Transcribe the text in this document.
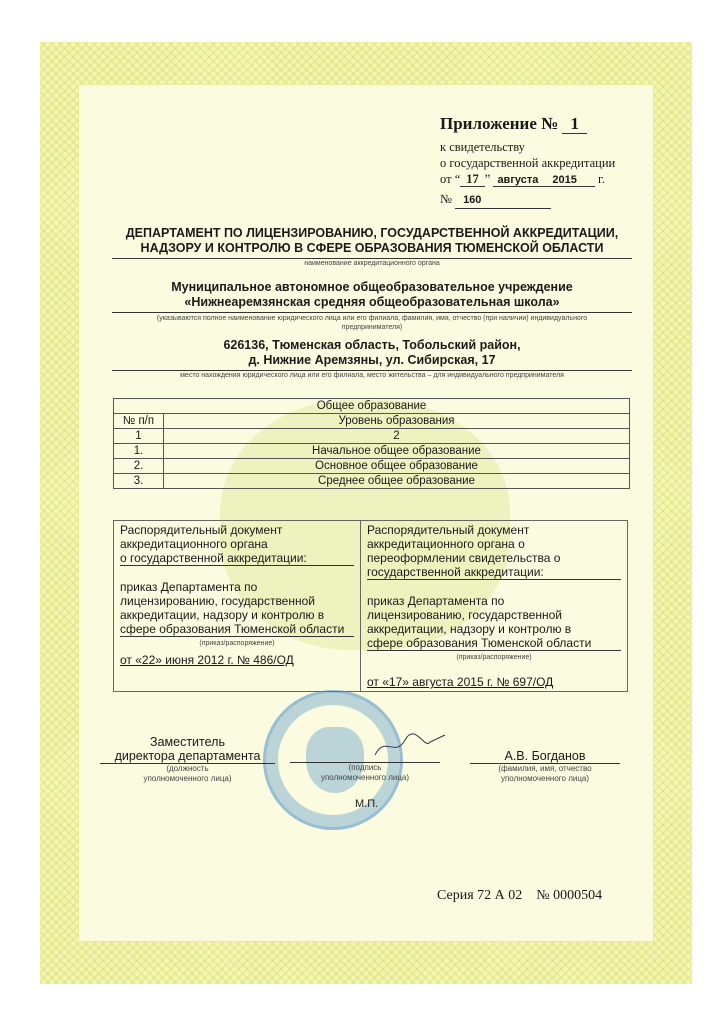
Приложение № 1
к свидетельству
о государственной аккредитации
от “ 17 ” августа 2015 г.
№ 160
ДЕПАРТАМЕНТ ПО ЛИЦЕНЗИРОВАНИЮ, ГОСУДАРСТВЕННОЙ АККРЕДИТАЦИИ,
НАДЗОРУ И КОНТРОЛЮ В СФЕРЕ ОБРАЗОВАНИЯ ТЮМЕНСКОЙ ОБЛАСТИ
наименование аккредитационного органа
Муниципальное автономное общеобразовательное учреждение
«Нижнеаремзянская средняя общеобразовательная школа»
(указываются полное наименование юридического лица или его филиала, фамилия, имя, отчество (при наличии) индивидуального
предпринимателя)
626136, Тюменская область, Тобольский район,
д. Нижние Аремзяны, ул. Сибирская, 17
место нахождения юридического лица или его филиала, место жительства – для индивидуального предпринимателя
Общее образование	
№ п/п	Уровень образования
1	2
1.	Начальное общее образование
2.	Основное общее образование
3.	Среднее общее образование
Распорядительный документ
аккредитационного органа
о государственной аккредитации:
приказ Департамента по
лицензированию, государственной
аккредитации, надзору и контролю в
сфере образования Тюменской области
(приказ/распоряжение)
от «22» июня 2012 г. № 486/ОД
Распорядительный документ
аккредитационного органа о
переоформлении свидетельства о
государственной аккредитации:
приказ Департамента по
лицензированию, государственной
аккредитации, надзору и контролю в
сфере образования Тюменской области
(приказ/распоряжение)
от «17» августа 2015 г. № 697/ОД
Заместитель
директора департамента
(должность
уполномоченного лица)
(подпись
уполномоченного лица)
А.В. Богданов
(фамилия, имя, отчество
уполномоченного лица)
М.П.
Серия 72 А 02 № 0000504
